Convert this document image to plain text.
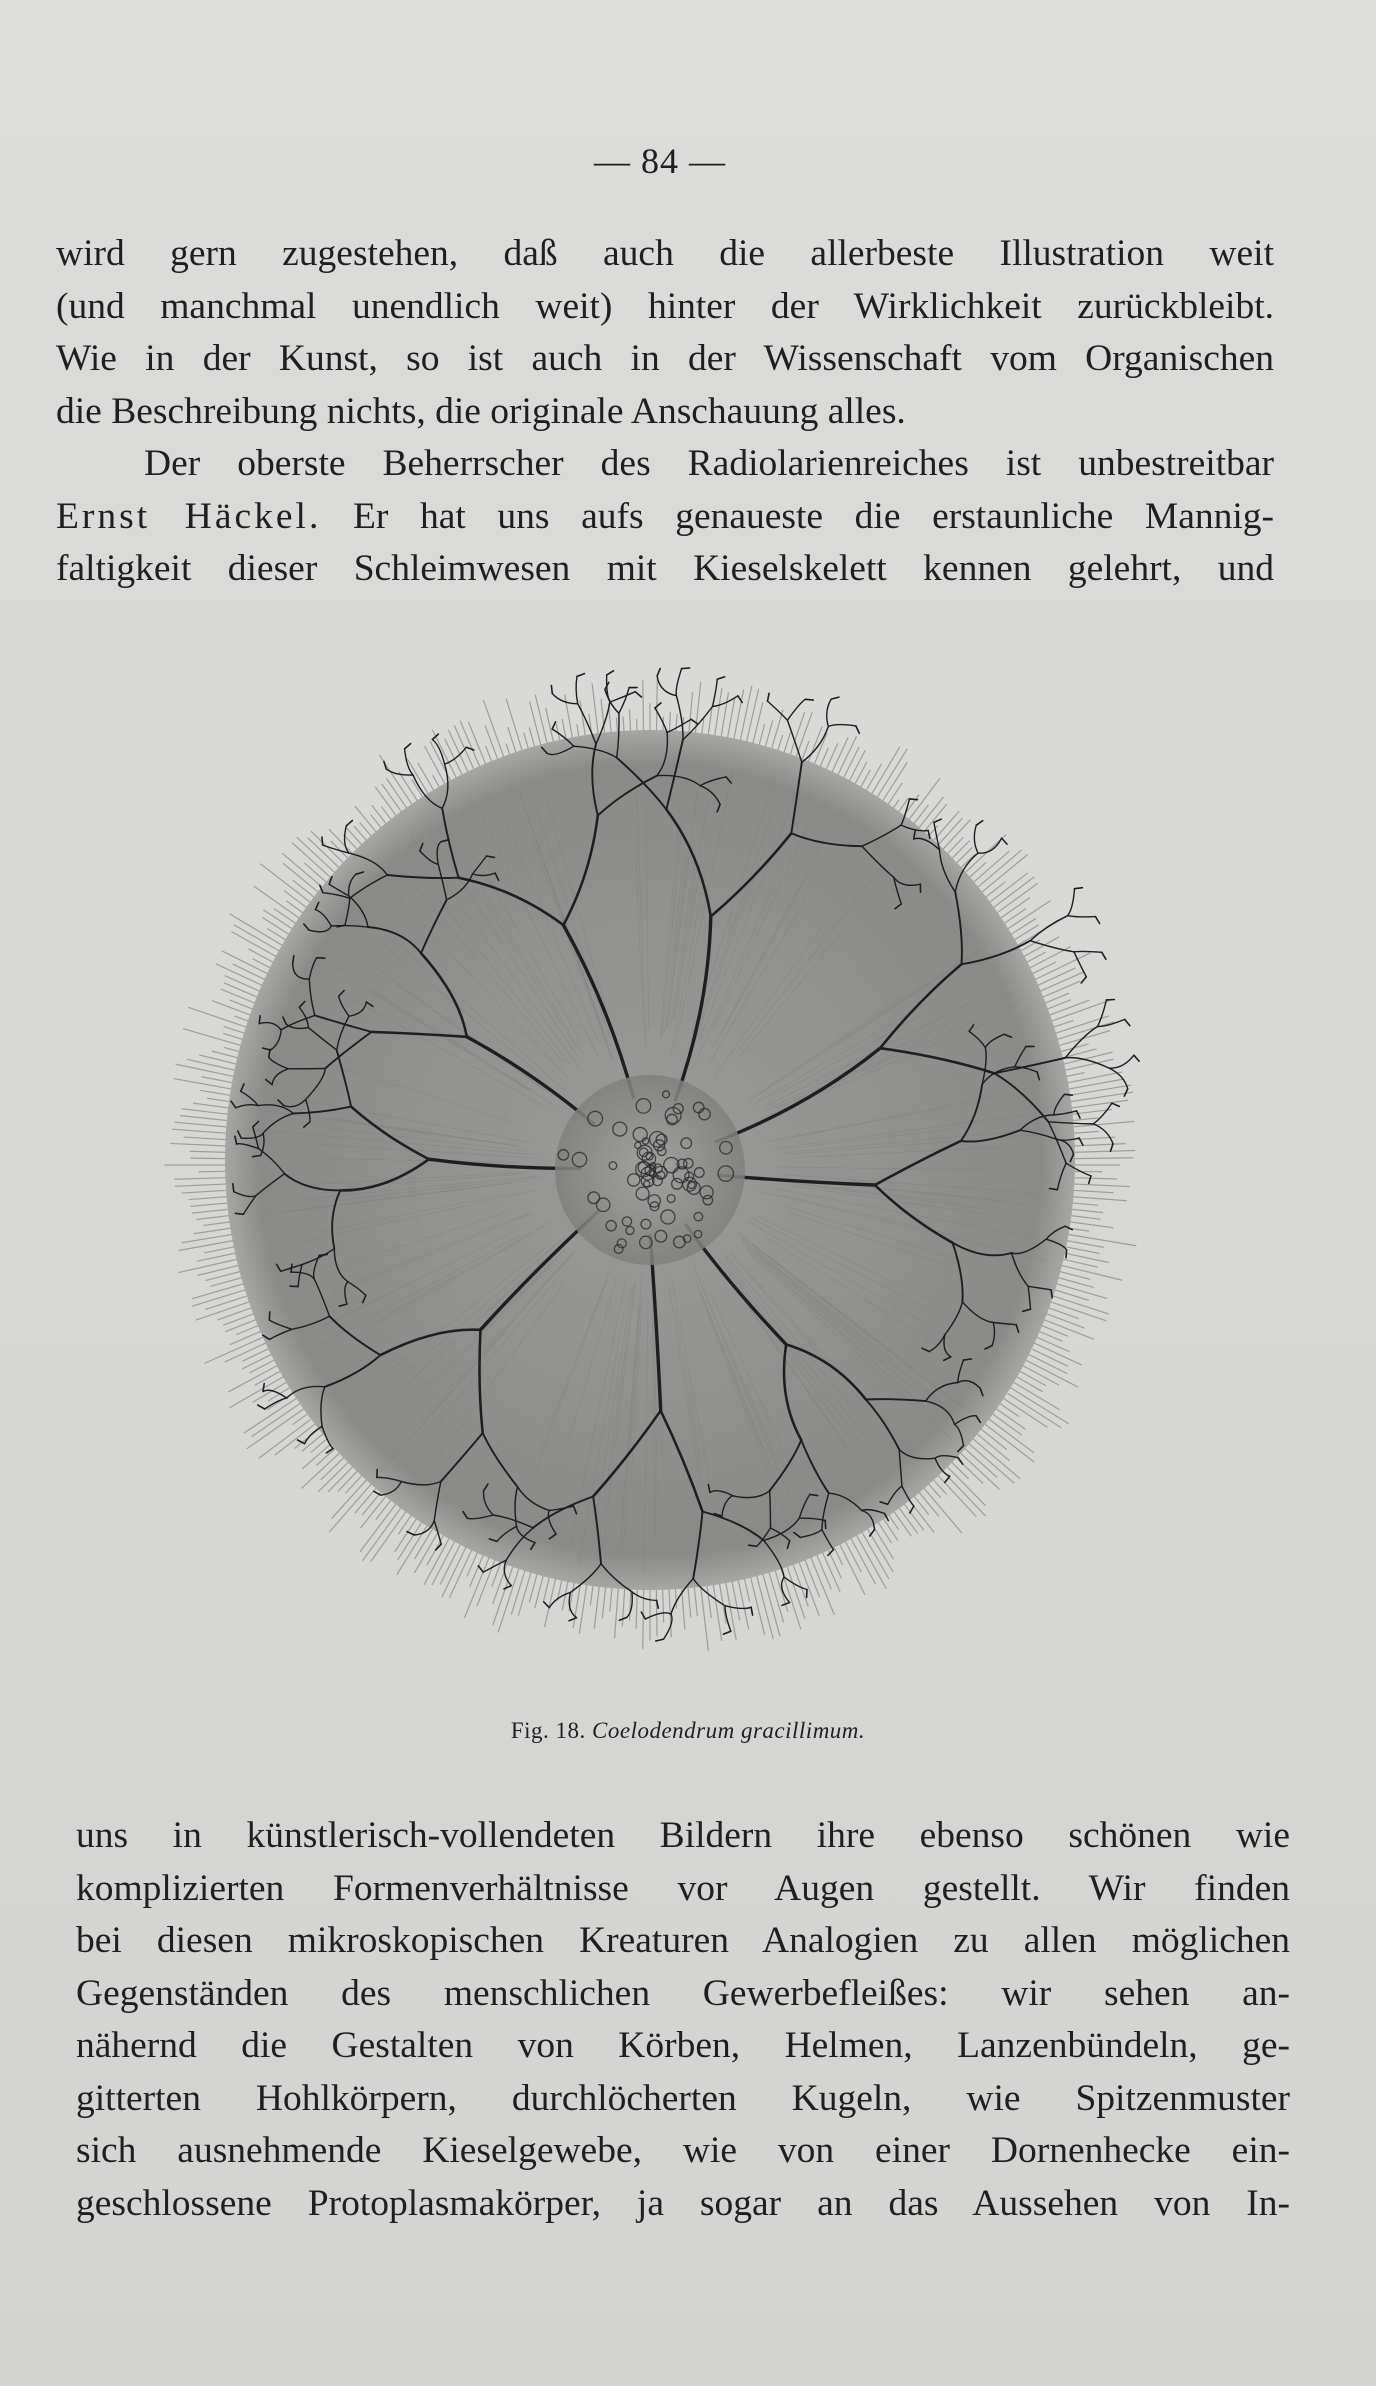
— 84 —
wird gern zugestehen, daß auch die allerbeste Illustration weit
(und manchmal unendlich weit) hinter der Wirklichkeit zurückbleibt.
Wie in der Kunst, so ist auch in der Wissenschaft vom Organischen
die Beschreibung nichts, die originale Anschauung alles.
Der oberste Beherrscher des Radiolarienreiches ist unbestreitbar
Ernst Häckel. Er hat uns aufs genaueste die erstaunliche Mannig-
faltigkeit dieser Schleimwesen mit Kieselskelett kennen gelehrt, und
Fig. 18. Coelodendrum gracillimum.
uns in künstlerisch-vollendeten Bildern ihre ebenso schönen wie
komplizierten Formenverhältnisse vor Augen gestellt. Wir finden
bei diesen mikroskopischen Kreaturen Analogien zu allen möglichen
Gegenständen des menschlichen Gewerbefleißes: wir sehen an-
nähernd die Gestalten von Körben, Helmen, Lanzenbündeln, ge-
gitterten Hohlkörpern, durchlöcherten Kugeln, wie Spitzenmuster
sich ausnehmende Kieselgewebe, wie von einer Dornenhecke ein-
geschlossene Protoplasmakörper, ja sogar an das Aussehen von In-
